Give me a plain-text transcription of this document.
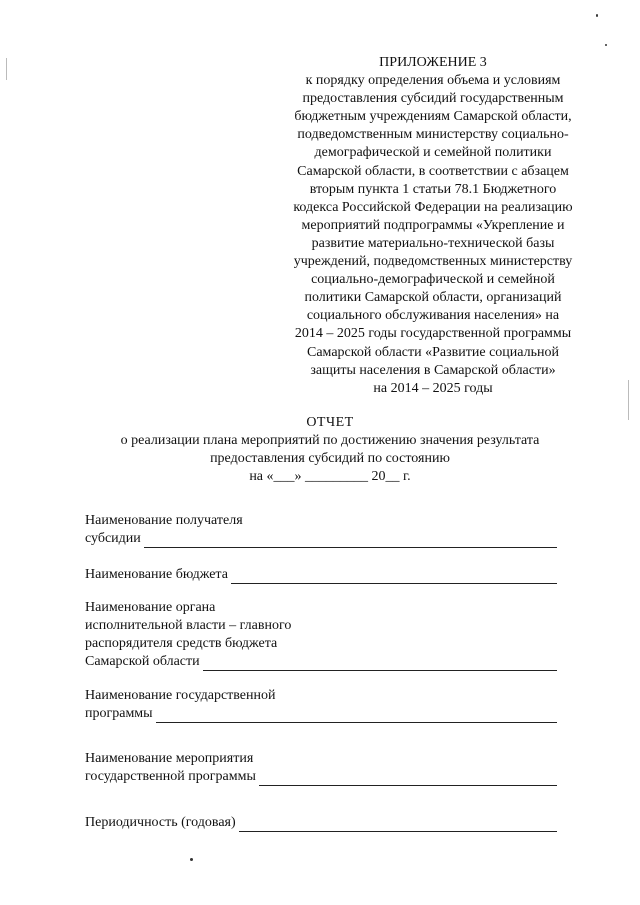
ПРИЛОЖЕНИЕ 3
к порядку определения объема и условиям
предоставления субсидий государственным
бюджетным учреждениям Самарской области,
подведомственным министерству социально-
демографической и семейной политики
Самарской области, в соответствии с абзацем
вторым пункта 1 статьи 78.1 Бюджетного
кодекса Российской Федерации на реализацию
мероприятий подпрограммы «Укрепление и
развитие материально-технической базы
учреждений, подведомственных министерству
социально-демографической и семейной
политики Самарской области, организаций
социального обслуживания населения» на
2014 – 2025 годы государственной программы
Самарской области «Развитие социальной
защиты населения в Самарской области»
на 2014 – 2025 годы
ОТЧЕТ
о реализации плана мероприятий по достижению значения результата
предоставления субсидий по состоянию
на «___» _________ 20__ г.
Наименование получателя
субсидии
Наименование бюджета
Наименование органа
исполнительной власти – главного
распорядителя средств бюджета
Самарской области
Наименование государственной
программы
Наименование мероприятия
государственной программы
Периодичность (годовая)
